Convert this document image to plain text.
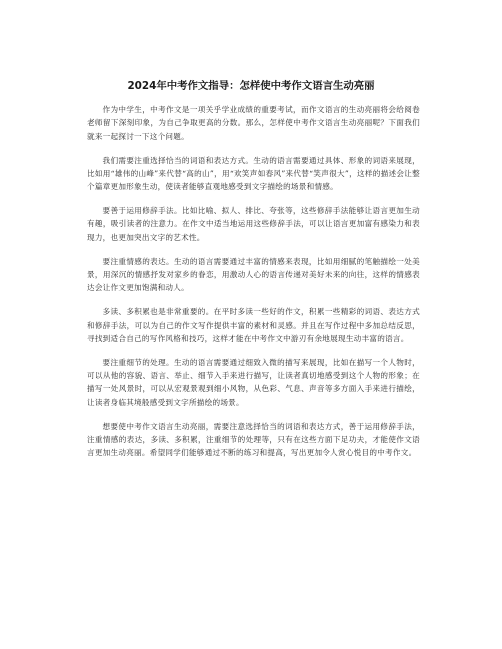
2024年中考作文指导：怎样使中考作文语言生动亮丽

作为中学生，中考作文是一项关乎学业成绩的重要考试，而作文语言的生动亮丽将会给阅卷老师留下深刻印象，为自己争取更高的分数。那么，怎样使中考作文语言生动亮丽呢？下面我们就来一起探讨一下这个问题。

我们需要注重选择恰当的词语和表达方式。生动的语言需要通过具体、形象的词语来展现，比如用“雄伟的山峰”来代替“高的山”，用“欢笑声如春风”来代替“笑声很大”，这样的描述会让整个篇章更加形象生动，使读者能够直观地感受到文字描绘的场景和情感。

要善于运用修辞手法。比如比喻、拟人、排比、夸张等，这些修辞手法能够让语言更加生动有趣，吸引读者的注意力。在作文中适当地运用这些修辞手法，可以让语言更加富有感染力和表现力，也更加突出文字的艺术性。

要注重情感的表达。生动的语言需要通过丰富的情感来表现，比如用细腻的笔触描绘一处美景，用深沉的情感抒发对家乡的眷恋，用激动人心的语言传递对美好未来的向往，这样的情感表达会让作文更加饱满和动人。

多读、多积累也是非常重要的。在平时多读一些好的作文，积累一些精彩的词语、表达方式和修辞手法，可以为自己的作文写作提供丰富的素材和灵感。并且在写作过程中多加总结反思，寻找到适合自己的写作风格和技巧，这样才能在中考作文中游刃有余地展现生动丰富的语言。

要注重细节的处理。生动的语言需要通过细致入微的描写来展现，比如在描写一个人物时，可以从他的容貌、语言、举止、细节入手来进行描写，让读者真切地感受到这个人物的形象；在描写一处风景时，可以从宏观景观到细小风物，从色彩、气息、声音等多方面入手来进行描绘，让读者身临其境般感受到文字所描绘的场景。

想要使中考作文语言生动亮丽，需要注意选择恰当的词语和表达方式，善于运用修辞手法，注重情感的表达，多读、多积累，注重细节的处理等，只有在这些方面下足功夫，才能使作文语言更加生动亮丽。希望同学们能够通过不断的练习和提高，写出更加令人赏心悦目的中考作文。
